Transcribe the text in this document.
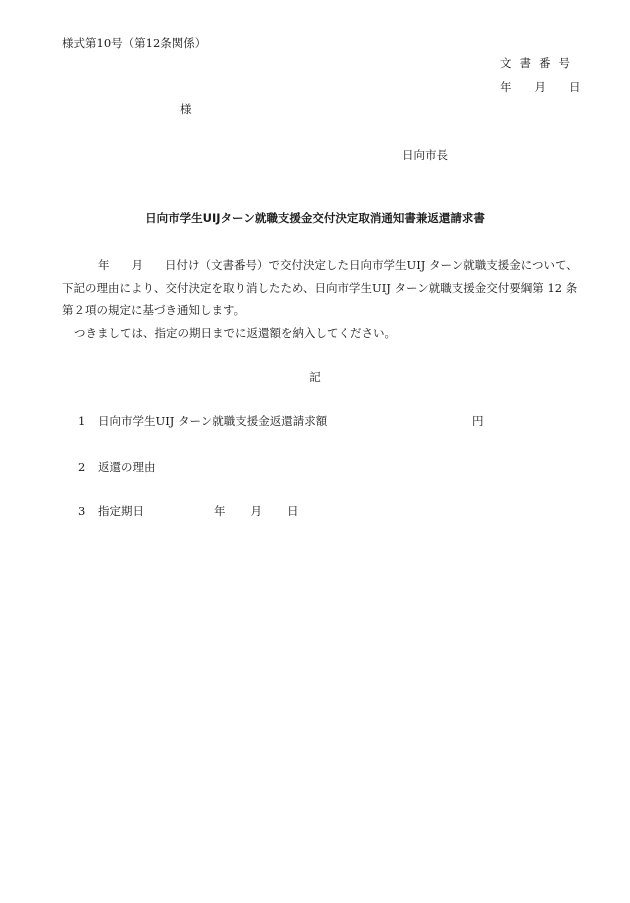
様式第10号（第12条関係）
文書番号
年 月 日
様
日向市長
日向市学生UIJターン就職支援金交付決定取消通知書兼返還請求書
年 月 日付け（文書番号）で交付決定した日向市学生UIJ ターン就職支援金について、
下記の理由により、交付決定を取り消したため、日向市学生UIJ ターン就職支援金交付要綱第 12 条
第２項の規定に基づき通知します。
つきましては、指定の期日までに返還額を納入してください。
記
1 日向市学生UIJ ターン就職支援金返還請求額	円
2 返還の理由
3 指定期日	年 月 日
